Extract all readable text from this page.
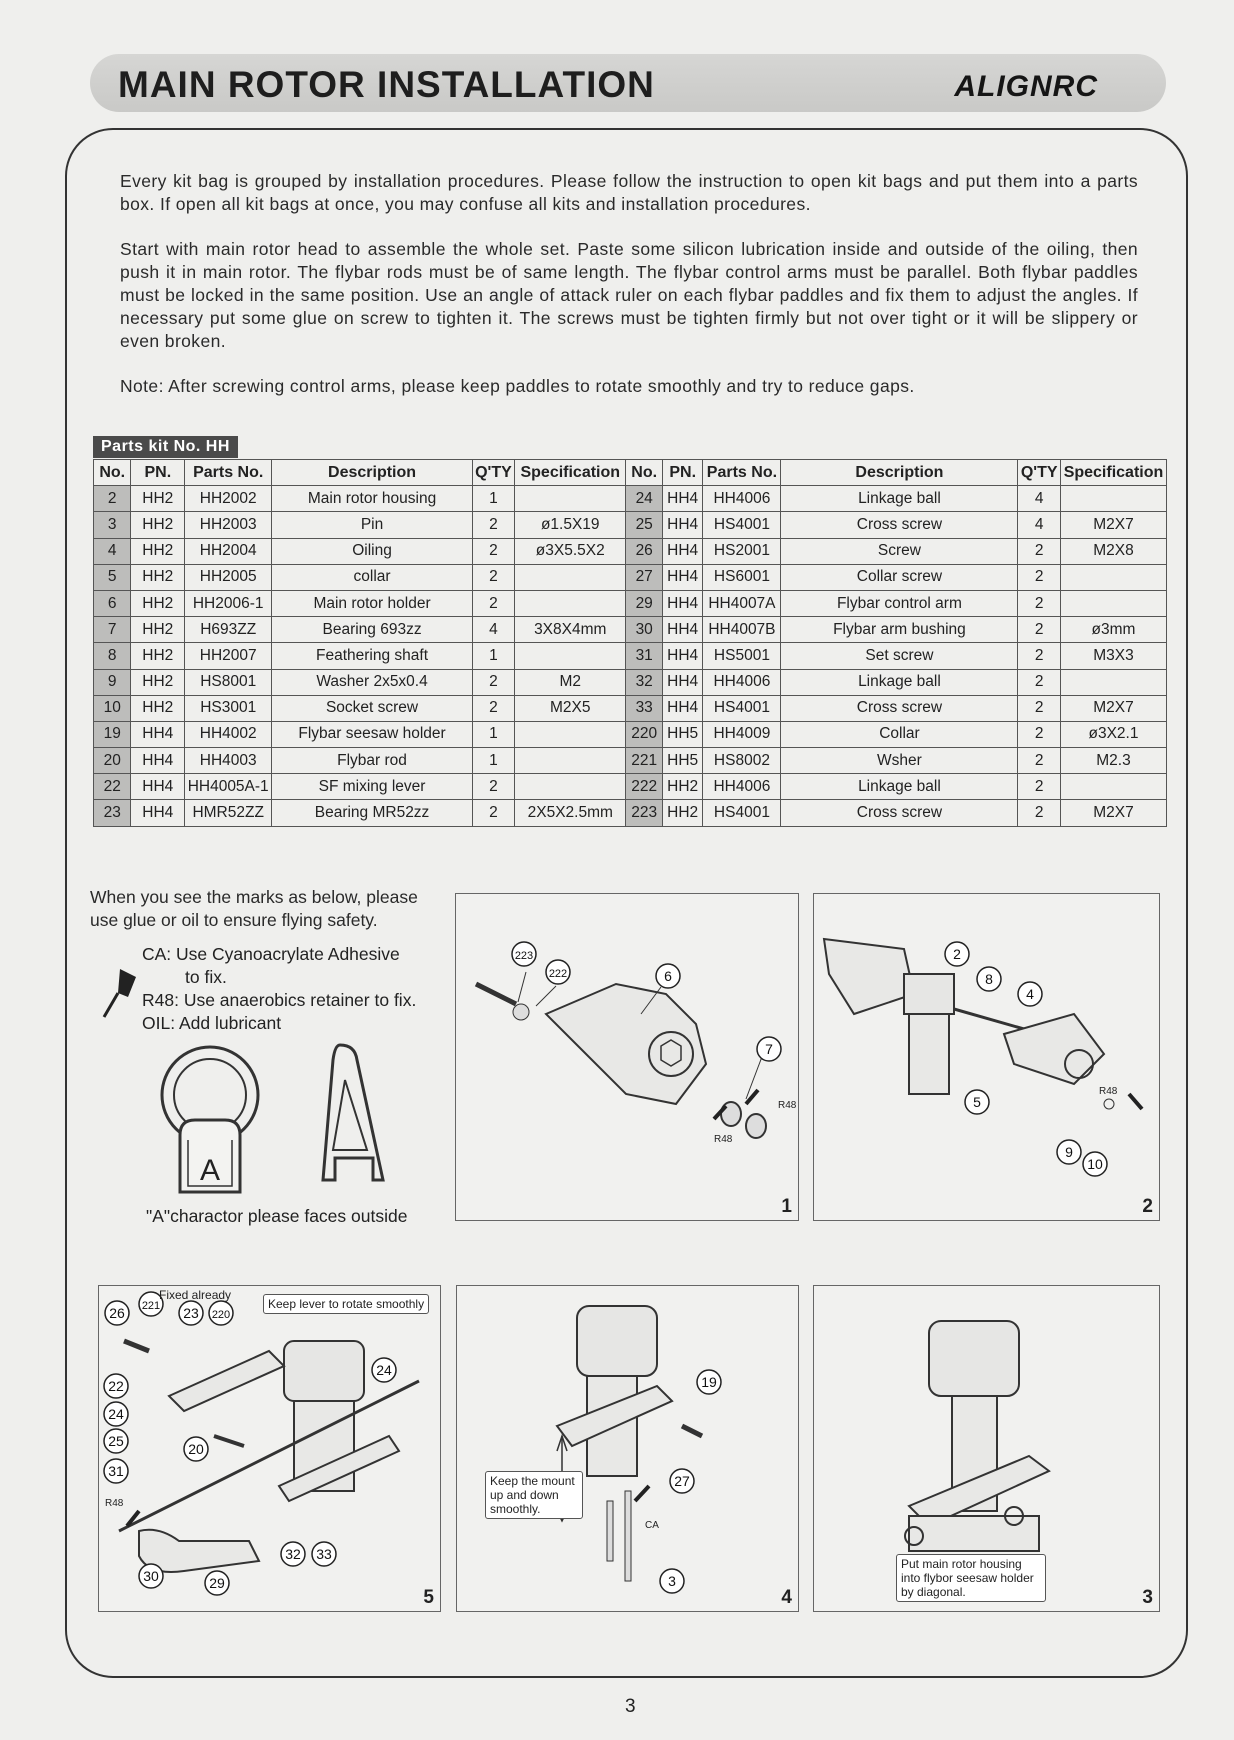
MAIN ROTOR INSTALLATION	ALIGNRC

Every kit bag is grouped by installation procedures. Please follow the instruction to open kit bags and put them into a parts box. If open all kit bags at once, you may confuse all kits and installation procedures.

Start with main rotor head to assemble the whole set. Paste some silicon lubrication inside and outside of the oiling, then push it in main rotor. The flybar rods must be of same length. The flybar control arms must be parallel. Both flybar paddles must be locked in the same position. Use an angle of attack ruler on each flybar paddles and fix them to adjust the angles. If necessary put some glue on screw to tighten it. The screws must be tighten firmly but not over tight or it will be slippery or even broken.

Note: After screwing control arms, please keep paddles to rotate smoothly and try to reduce gaps.

Parts kit No. HH
No.	PN.	Parts No.	Description	Q'TY	Specification	No.	PN.	Parts No.	Description	Q'TY	Specification
2	HH2	HH2002	Main rotor housing	1		24	HH4	HH4006	Linkage ball	4	
3	HH2	HH2003	Pin	2	ø1.5X19	25	HH4	HS4001	Cross screw	4	M2X7
4	HH2	HH2004	Oiling	2	ø3X5.5X2	26	HH4	HS2001	Screw	2	M2X8
5	HH2	HH2005	collar	2		27	HH4	HS6001	Collar screw	2	
6	HH2	HH2006-1	Main rotor holder	2		29	HH4	HH4007A	Flybar control arm	2	
7	HH2	H693ZZ	Bearing 693zz	4	3X8X4mm	30	HH4	HH4007B	Flybar arm bushing	2	ø3mm
8	HH2	HH2007	Feathering shaft	1		31	HH4	HS5001	Set screw	2	M3X3
9	HH2	HS8001	Washer 2x5x0.4	2	M2	32	HH4	HH4006	Linkage ball	2	
10	HH2	HS3001	Socket screw	2	M2X5	33	HH4	HS4001	Cross screw	2	M2X7
19	HH4	HH4002	Flybar seesaw holder	1		220	HH5	HH4009	Collar	2	ø3X2.1
20	HH4	HH4003	Flybar rod	1		221	HH5	HS8002	Wsher	2	M2.3
22	HH4	HH4005A-1	SF mixing lever	2		222	HH2	HH4006	Linkage ball	2	
23	HH4	HMR52ZZ	Bearing MR52zz	2	2X5X2.5mm	223	HH2	HS4001	Cross screw	2	M2X7
When you see the marks as below, please use glue or oil to ensure flying safety.
CA: Use Cyanoacrylate Adhesive
to fix.
R48: Use anaerobics retainer to fix.
OIL: Add lubricant
A
"A"charactor please faces outside
223
222	6
7
R48
R48
1
2
8
4
5
9
10
R48
2
26 221 23 220
24
22
24
25
31
20
30	29
32 33
Fixed already
Keep lever to rotate smoothly
R48
5
19
27
3
Keep the mount up and down smoothly.
CA
4
Put main rotor housing into flybor seesaw holder by diagonal.	3
3
